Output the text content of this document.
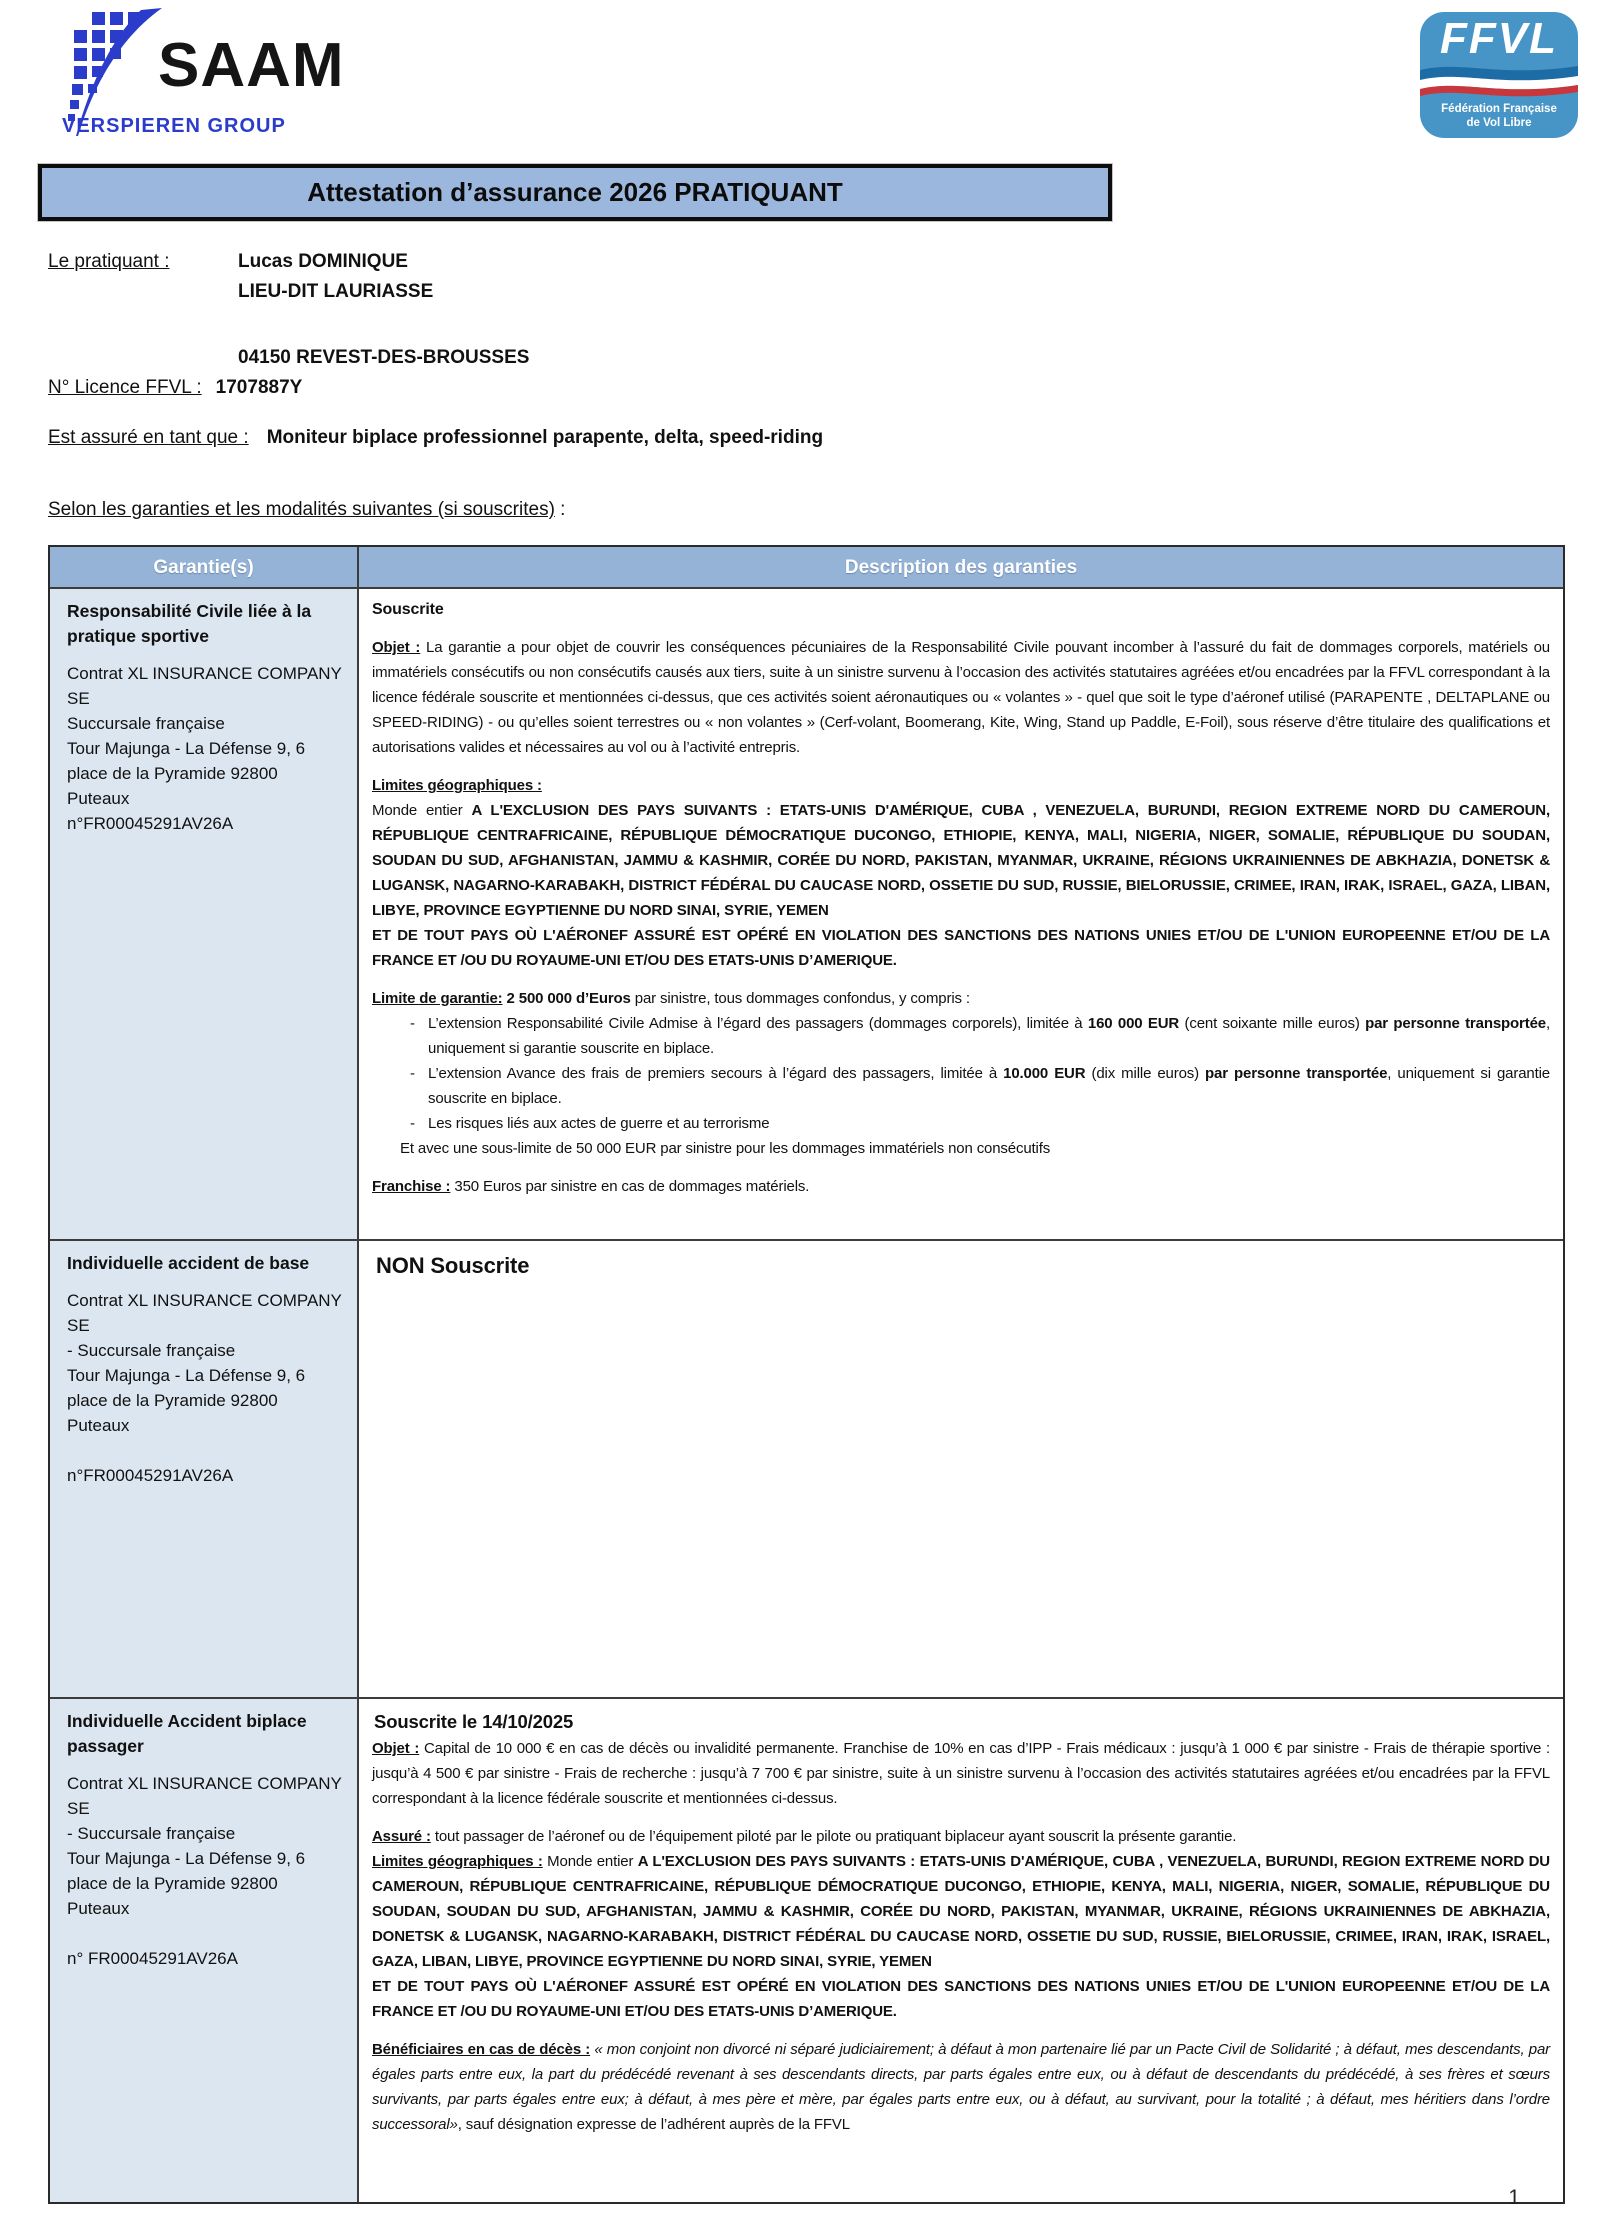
SAAM
VERSPIEREN GROUP
FFVL
Fédération Française
de Vol Libre
Attestation d’assurance 2026 PRATIQUANT
Le pratiquant :	Lucas DOMINIQUE
LIEU-DIT LAURIASSE
04150 REVEST-DES-BROUSSES
N° Licence FFVL : 1707887Y
Est assuré en tant que : Moniteur biplace professionnel parapente, delta, speed-riding
Selon les garanties et les modalités suivantes (si souscrites) :
Garantie(s)	Description des garanties
Responsabilité Civile liée à la pratique sportive
Contrat XL INSURANCE COMPANY SE
Succursale française
Tour Majunga - La Défense 9, 6 place de la Pyramide 92800 Puteaux
n°FR00045291AV26A
Souscrite
Objet : La garantie a pour objet de couvrir les conséquences pécuniaires de la Responsabilité Civile pouvant incomber à l’assuré du fait de dommages corporels, matériels ou immatériels consécutifs ou non consécutifs causés aux tiers, suite à un sinistre survenu à l’occasion des activités statutaires agréées et/ou encadrées par la FFVL correspondant à la licence fédérale souscrite et mentionnées ci-dessus, que ces activités soient aéronautiques ou « volantes » - quel que soit le type d’aéronef utilisé (PARAPENTE , DELTAPLANE ou SPEED-RIDING) - ou qu’elles soient terrestres ou « non volantes » (Cerf-volant, Boomerang, Kite, Wing, Stand up Paddle, E-Foil), sous réserve d’être titulaire des qualifications et autorisations valides et nécessaires au vol ou à l’activité entrepris.
Limites géographiques :
Monde entier A L'EXCLUSION DES PAYS SUIVANTS : ETATS-UNIS D'AMÉRIQUE, CUBA , VENEZUELA, BURUNDI, REGION EXTREME NORD DU CAMEROUN, RÉPUBLIQUE CENTRAFRICAINE, RÉPUBLIQUE DÉMOCRATIQUE DUCONGO, ETHIOPIE, KENYA, MALI, NIGERIA, NIGER, SOMALIE, RÉPUBLIQUE DU SOUDAN, SOUDAN DU SUD, AFGHANISTAN, JAMMU & KASHMIR, CORÉE DU NORD, PAKISTAN, MYANMAR, UKRAINE, RÉGIONS UKRAINIENNES DE ABKHAZIA, DONETSK & LUGANSK, NAGARNO-KARABAKH, DISTRICT FÉDÉRAL DU CAUCASE NORD, OSSETIE DU SUD, RUSSIE, BIELORUSSIE, CRIMEE, IRAN, IRAK, ISRAEL, GAZA, LIBAN, LIBYE, PROVINCE EGYPTIENNE DU NORD SINAI, SYRIE, YEMEN
ET DE TOUT PAYS OÙ L'AÉRONEF ASSURÉ EST OPÉRÉ EN VIOLATION DES SANCTIONS DES NATIONS UNIES ET/OU DE L'UNION EUROPEENNE ET/OU DE LA FRANCE ET /OU DU ROYAUME-UNI ET/OU DES ETATS-UNIS D’AMERIQUE.
Limite de garantie: 2 500 000 d’Euros par sinistre, tous dommages confondus, y compris :
- L’extension Responsabilité Civile Admise à l’égard des passagers (dommages corporels), limitée à 160 000 EUR (cent soixante mille euros) par personne transportée, uniquement si garantie souscrite en biplace.
- L’extension Avance des frais de premiers secours à l’égard des passagers, limitée à 10.000 EUR (dix mille euros) par personne transportée, uniquement si garantie souscrite en biplace.
- Les risques liés aux actes de guerre et au terrorisme
Et avec une sous-limite de 50 000 EUR par sinistre pour les dommages immatériels non consécutifs
Franchise : 350 Euros par sinistre en cas de dommages matériels.
Individuelle accident de base
Contrat XL INSURANCE COMPANY SE
- Succursale française
Tour Majunga - La Défense 9, 6 place de la Pyramide 92800 Puteaux

n°FR00045291AV26A
NON Souscrite
Individuelle Accident biplace passager
Contrat XL INSURANCE COMPANY SE
- Succursale française
Tour Majunga - La Défense 9, 6 place de la Pyramide 92800 Puteaux

n° FR00045291AV26A
Souscrite le 14/10/2025
Objet : Capital de 10 000 € en cas de décès ou invalidité permanente. Franchise de 10% en cas d’IPP - Frais médicaux : jusqu’à 1 000 € par sinistre - Frais de thérapie sportive : jusqu’à 4 500 € par sinistre - Frais de recherche : jusqu’à 7 700 € par sinistre, suite à un sinistre survenu à l’occasion des activités statutaires agréées et/ou encadrées par la FFVL correspondant à la licence fédérale souscrite et mentionnées ci-dessus.
Assuré : tout passager de l’aéronef ou de l’équipement piloté par le pilote ou pratiquant biplaceur ayant souscrit la présente garantie.
Limites géographiques : Monde entier A L'EXCLUSION DES PAYS SUIVANTS : ETATS-UNIS D'AMÉRIQUE, CUBA , VENEZUELA, BURUNDI, REGION EXTREME NORD DU CAMEROUN, RÉPUBLIQUE CENTRAFRICAINE, RÉPUBLIQUE DÉMOCRATIQUE DUCONGO, ETHIOPIE, KENYA, MALI, NIGERIA, NIGER, SOMALIE, RÉPUBLIQUE DU SOUDAN, SOUDAN DU SUD, AFGHANISTAN, JAMMU & KASHMIR, CORÉE DU NORD, PAKISTAN, MYANMAR, UKRAINE, RÉGIONS UKRAINIENNES DE ABKHAZIA, DONETSK & LUGANSK, NAGARNO-KARABAKH, DISTRICT FÉDÉRAL DU CAUCASE NORD, OSSETIE DU SUD, RUSSIE, BIELORUSSIE, CRIMEE, IRAN, IRAK, ISRAEL, GAZA, LIBAN, LIBYE, PROVINCE EGYPTIENNE DU NORD SINAI, SYRIE, YEMEN
ET DE TOUT PAYS OÙ L'AÉRONEF ASSURÉ EST OPÉRÉ EN VIOLATION DES SANCTIONS DES NATIONS UNIES ET/OU DE L'UNION EUROPEENNE ET/OU DE LA FRANCE ET /OU DU ROYAUME-UNI ET/OU DES ETATS-UNIS D’AMERIQUE.
Bénéficiaires en cas de décès : « mon conjoint non divorcé ni séparé judiciairement; à défaut à mon partenaire lié par un Pacte Civil de Solidarité ; à défaut, mes descendants, par égales parts entre eux, la part du prédécédé revenant à ses descendants directs, par parts égales entre eux, ou à défaut de descendants du prédécédé, à ses frères et sœurs survivants, par parts égales entre eux; à défaut, à mes père et mère, par égales parts entre eux, ou à défaut, au survivant, pour la totalité ; à défaut, mes héritiers dans l’ordre successoral», sauf désignation expresse de l’adhérent auprès de la FFVL
1
